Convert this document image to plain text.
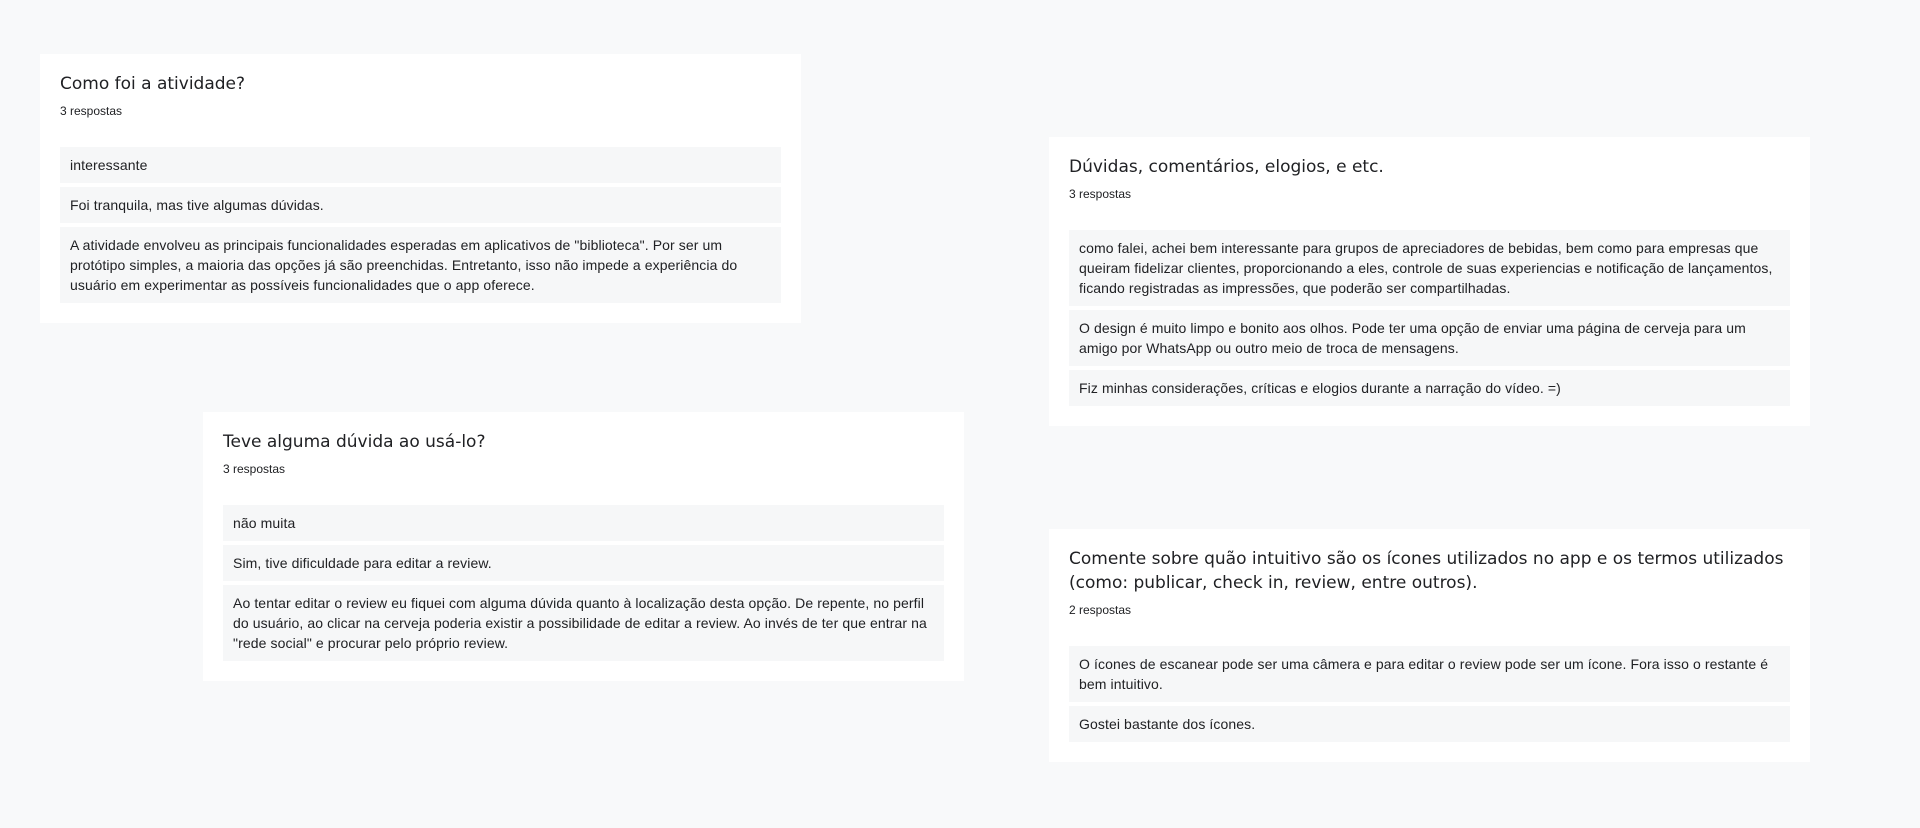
Como foi a atividade?
3 respostas
interessante
Foi tranquila, mas tive algumas dúvidas.
A atividade envolveu as principais funcionalidades esperadas em aplicativos de "biblioteca". Por ser um protótipo simples, a maioria das opções já são preenchidas. Entretanto, isso não impede a experiência do usuário em experimentar as possíveis funcionalidades que o app oferece.
Dúvidas, comentários, elogios, e etc.
3 respostas
como falei, achei bem interessante para grupos de apreciadores de bebidas, bem como para empresas que queiram fidelizar clientes, proporcionando a eles, controle de suas experiencias e notificação de lançamentos, ficando registradas as impressões, que poderão ser compartilhadas.
O design é muito limpo e bonito aos olhos. Pode ter uma opção de enviar uma página de cerveja para um amigo por WhatsApp ou outro meio de troca de mensagens.
Fiz minhas considerações, críticas e elogios durante a narração do vídeo. =)
Teve alguma dúvida ao usá-lo?
3 respostas
não muita
Sim, tive dificuldade para editar a review.
Ao tentar editar o review eu fiquei com alguma dúvida quanto à localização desta opção. De repente, no perfil do usuário, ao clicar na cerveja poderia existir a possibilidade de editar a review. Ao invés de ter que entrar na "rede social" e procurar pelo próprio review.
Comente sobre quão intuitivo são os ícones utilizados no app e os termos utilizados (como: publicar, check in, review, entre outros).
2 respostas
O ícones de escanear pode ser uma câmera e para editar o review pode ser um ícone. Fora isso o restante é bem intuitivo.
Gostei bastante dos ícones.
